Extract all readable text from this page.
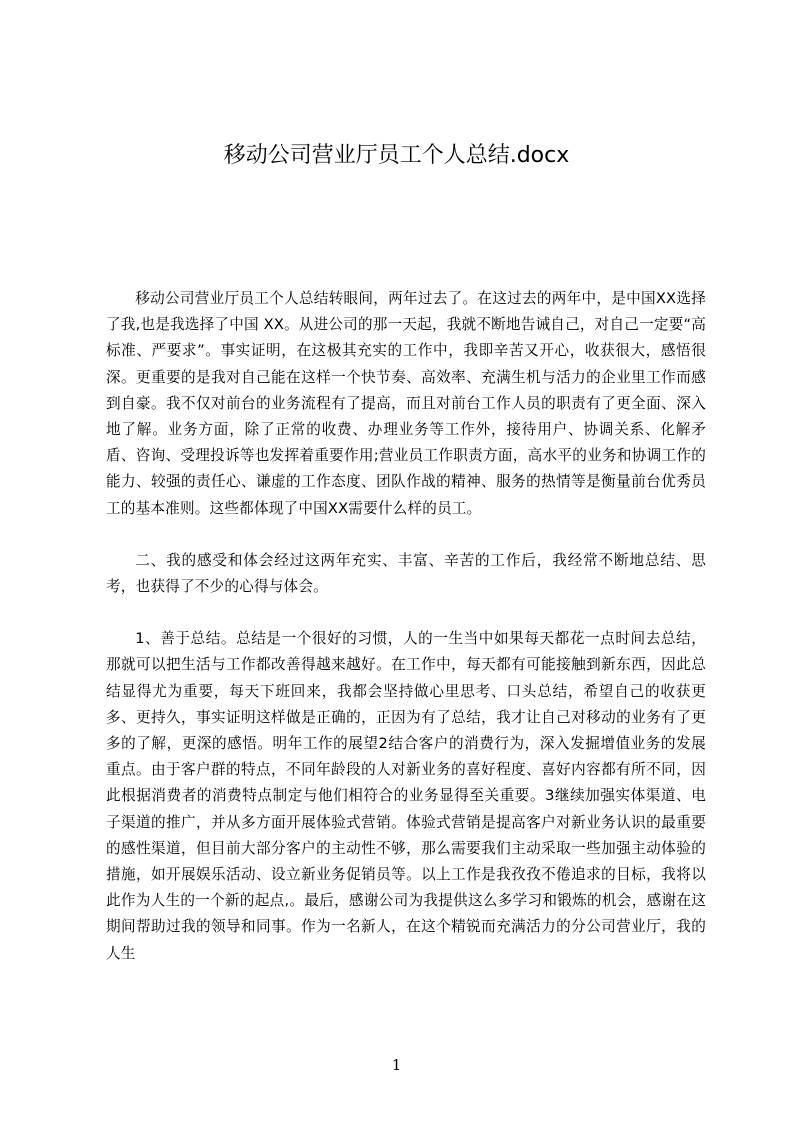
移动公司营业厅员工个人总结.docx

移动公司营业厅员工个人总结转眼间，两年过去了。在这过去的两年中，是中国XX选择了我,也是我选择了中国 XX。从进公司的那一天起，我就不断地告诫自己，对自己一定要“高标准、严要求”。事实证明，在这极其充实的工作中，我即辛苦又开心，收获很大，感悟很深。更重要的是我对自己能在这样一个快节奏、高效率、充满生机与活力的企业里工作而感到自豪。我不仅对前台的业务流程有了提高，而且对前台工作人员的职责有了更全面、深入地了解。业务方面，除了正常的收费、办理业务等工作外，接待用户、协调关系、化解矛盾、咨询、受理投诉等也发挥着重要作用;营业员工作职责方面，高水平的业务和协调工作的能力、较强的责任心、谦虚的工作态度、团队作战的精神、服务的热情等是衡量前台优秀员工的基本准则。这些都体现了中国XX需要什么样的员工。

二、我的感受和体会经过这两年充实、丰富、辛苦的工作后，我经常不断地总结、思考，也获得了不少的心得与体会。

1、善于总结。总结是一个很好的习惯，人的一生当中如果每天都花一点时间去总结，那就可以把生活与工作都改善得越来越好。在工作中，每天都有可能接触到新东西，因此总结显得尤为重要，每天下班回来，我都会坚持做心里思考、口头总结，希望自己的收获更多、更持久，事实证明这样做是正确的，正因为有了总结，我才让自己对移动的业务有了更多的了解，更深的感悟。明年工作的展望2结合客户的消费行为，深入发掘增值业务的发展重点。由于客户群的特点，不同年龄段的人对新业务的喜好程度、喜好内容都有所不同，因此根据消费者的消费特点制定与他们相符合的业务显得至关重要。3继续加强实体渠道、电子渠道的推广，并从多方面开展体验式营销。体验式营销是提高客户对新业务认识的最重要的感性渠道，但目前大部分客户的主动性不够，那么需要我们主动采取一些加强主动体验的措施，如开展娱乐活动、设立新业务促销员等。以上工作是我孜孜不倦追求的目标，我将以此作为人生的一个新的起点,。最后，感谢公司为我提供这么多学习和锻炼的机会，感谢在这期间帮助过我的领导和同事。作为一名新人，在这个精锐而充满活力的分公司营业厅，我的人生

1
